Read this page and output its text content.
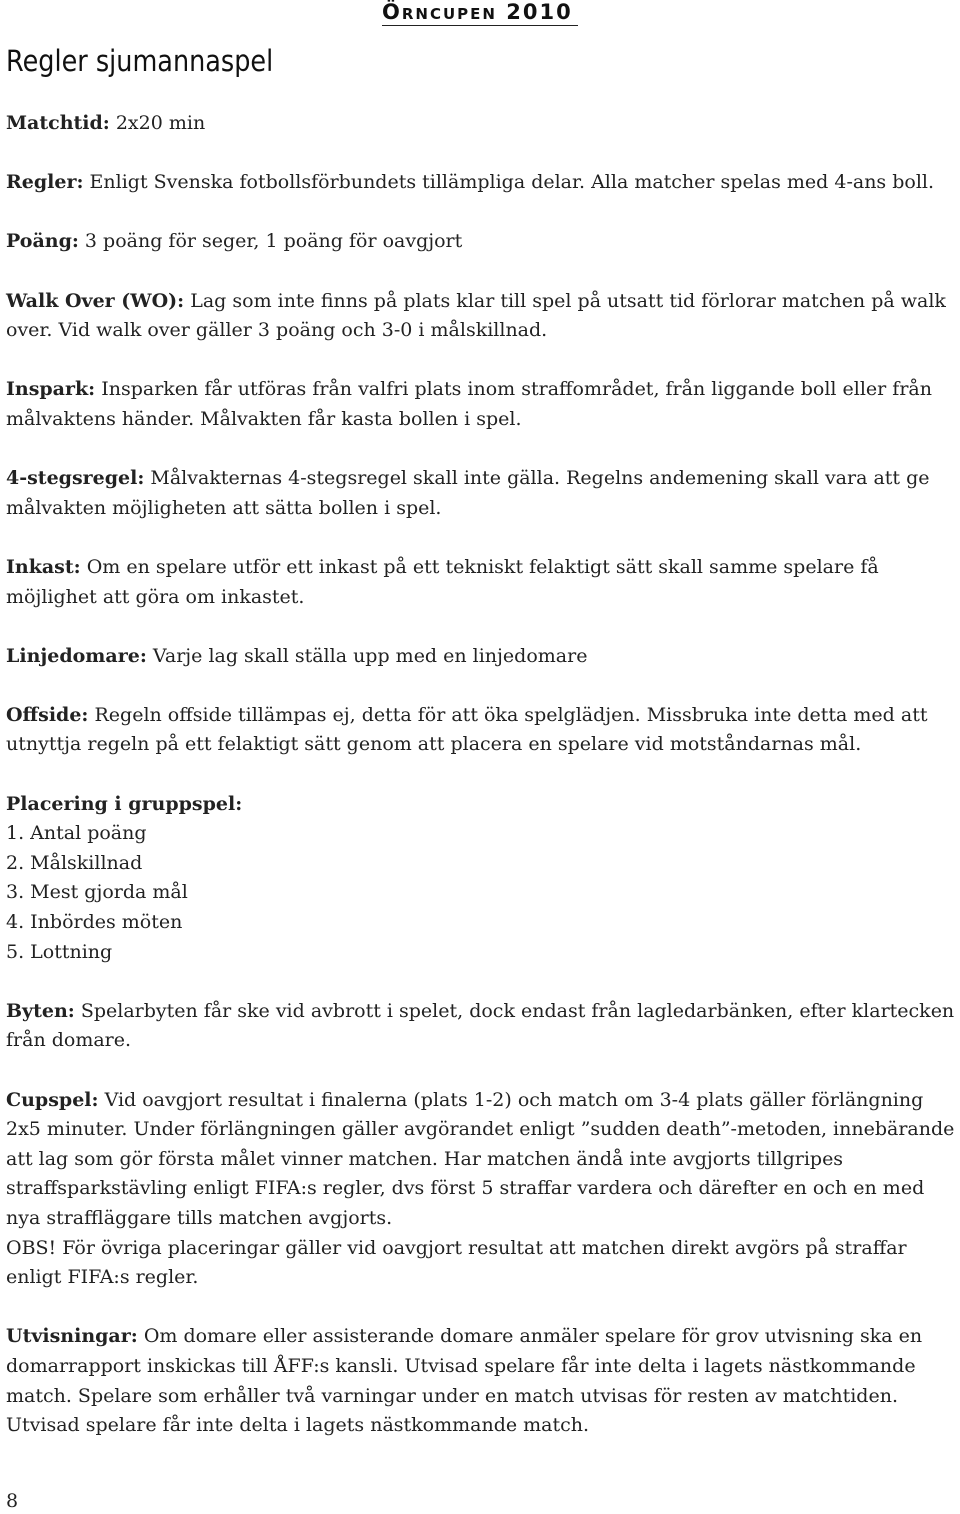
Örncupen 2010
Regler sjumannaspel

Matchtid: 2x20 min

Regler: Enligt Svenska fotbollsförbundets tillämpliga delar. Alla matcher spelas med 4-ans boll.

Poäng: 3 poäng för seger, 1 poäng för oavgjort

Walk Over (WO): Lag som inte finns på plats klar till spel på utsatt tid förlorar matchen på walk over. Vid walk over gäller 3 poäng och 3-0 i målskillnad.

Inspark: Insparken får utföras från valfri plats inom straffområdet, från liggande boll eller från målvaktens händer. Målvakten får kasta bollen i spel.

4-stegsregel: Målvakternas 4-stegsregel skall inte gälla. Regelns andemening skall vara att ge målvakten möjligheten att sätta bollen i spel.

Inkast: Om en spelare utför ett inkast på ett tekniskt felaktigt sätt skall samme spelare få möjlighet att göra om inkastet.

Linjedomare: Varje lag skall ställa upp med en linjedomare

Offside: Regeln offside tillämpas ej, detta för att öka spelglädjen. Missbruka inte detta med att utnyttja regeln på ett felaktigt sätt genom att placera en spelare vid motståndarnas mål.

Placering i gruppspel:
1. Antal poäng
2. Målskillnad
3. Mest gjorda mål
4. Inbördes möten
5. Lottning

Byten: Spelarbyten får ske vid avbrott i spelet, dock endast från lagledarbänken, efter klartecken från domare.

Cupspel: Vid oavgjort resultat i finalerna (plats 1-2) och match om 3-4 plats gäller förlängning 2x5 minuter. Under förlängningen gäller avgörandet enligt ”sudden death”-metoden, innebärande att lag som gör första målet vinner matchen. Har matchen ändå inte avgjorts tillgripes straffsparkstävling enligt FIFA:s regler, dvs först 5 straffar vardera och därefter en och en med nya straffläggare tills matchen avgjorts.
OBS! För övriga placeringar gäller vid oavgjort resultat att matchen direkt avgörs på straffar enligt FIFA:s regler.

Utvisningar: Om domare eller assisterande domare anmäler spelare för grov utvisning ska en domarrapport inskickas till ÅFF:s kansli. Utvisad spelare får inte delta i lagets nästkommande match. Spelare som erhåller två varningar under en match utvisas för resten av matchtiden.
Utvisad spelare får inte delta i lagets nästkommande match.

8
